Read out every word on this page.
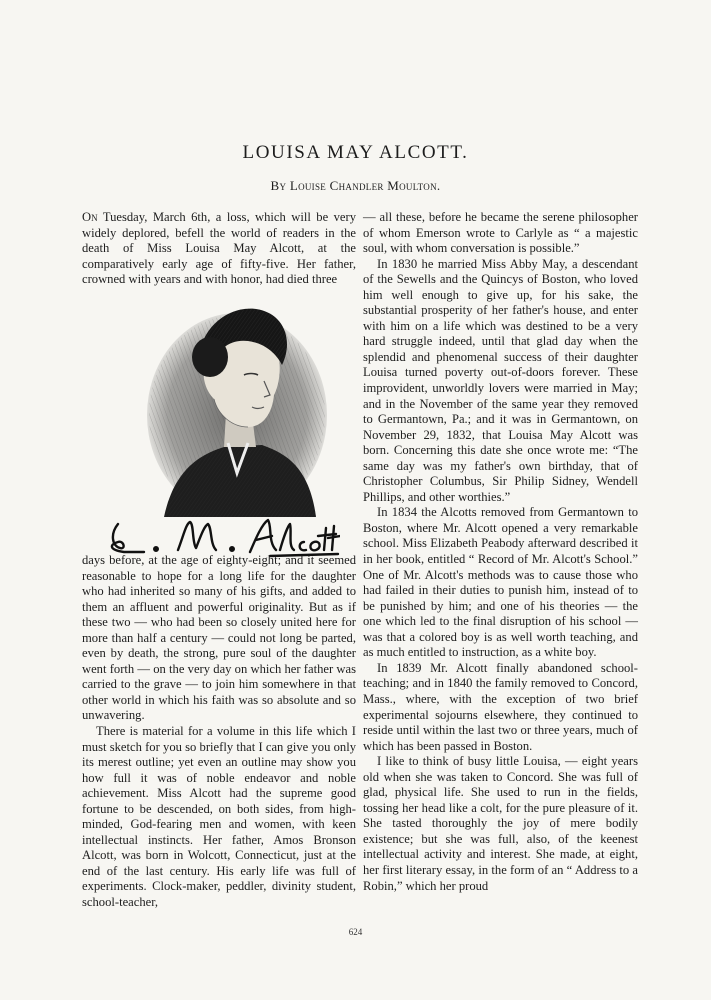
LOUISA MAY ALCOTT.
By Louise Chandler Moulton.

On Tuesday, March 6th, a loss, which will be very widely deplored, befell the world of readers in the death of Miss Louisa May Alcott, at the comparatively early age of fifty-five. Her father, crowned with years and with honor, had died three

days before, at the age of eighty-eight; and it seemed reasonable to hope for a long life for the daughter who had inherited so many of his gifts, and added to them an affluent and powerful originality. But as if these two — who had been so closely united here for more than half a century — could not long be parted, even by death, the strong, pure soul of the daughter went forth — on the very day on which her father was carried to the grave — to join him somewhere in that other world in which his faith was so absolute and so unwavering.

There is material for a volume in this life which I must sketch for you so briefly that I can give you only its merest outline; yet even an outline may show you how full it was of noble endeavor and noble achievement. Miss Alcott had the supreme good fortune to be descended, on both sides, from high-minded, God-fearing men and women, with keen intellectual instincts. Her father, Amos Bronson Alcott, was born in Wolcott, Connecticut, just at the end of the last century. His early life was full of experiments. Clock-maker, peddler, divinity student, school-teacher,

— all these, before he became the serene philosopher of whom Emerson wrote to Carlyle as “ a majestic soul, with whom conversation is possible.”

In 1830 he married Miss Abby May, a descendant of the Sewells and the Quincys of Boston, who loved him well enough to give up, for his sake, the substantial prosperity of her father's house, and enter with him on a life which was destined to be a very hard struggle indeed, until that glad day when the splendid and phenomenal success of their daughter Louisa turned poverty out-of-doors forever. These improvident, unworldly lovers were married in May; and in the November of the same year they removed to Germantown, Pa.; and it was in Germantown, on November 29, 1832, that Louisa May Alcott was born. Concerning this date she once wrote me: “The same day was my father's own birthday, that of Christopher Columbus, Sir Philip Sidney, Wendell Phillips, and other worthies.”

In 1834 the Alcotts removed from Germantown to Boston, where Mr. Alcott opened a very remarkable school. Miss Elizabeth Peabody afterward described it in her book, entitled “ Record of Mr. Alcott's School.” One of Mr. Alcott's methods was to cause those who had failed in their duties to punish him, instead of to be punished by him; and one of his theories — the one which led to the final disruption of his school — was that a colored boy is as well worth teaching, and as much entitled to instruction, as a white boy.

In 1839 Mr. Alcott finally abandoned school-teaching; and in 1840 the family removed to Concord, Mass., where, with the exception of two brief experimental sojourns elsewhere, they continued to reside until within the last two or three years, much of which has been passed in Boston.

I like to think of busy little Louisa, — eight years old when she was taken to Concord. She was full of glad, physical life. She used to run in the fields, tossing her head like a colt, for the pure pleasure of it. She tasted thoroughly the joy of mere bodily existence; but she was full, also, of the keenest intellectual activity and interest. She made, at eight, her first literary essay, in the form of an “ Address to a Robin,” which her proud

624
